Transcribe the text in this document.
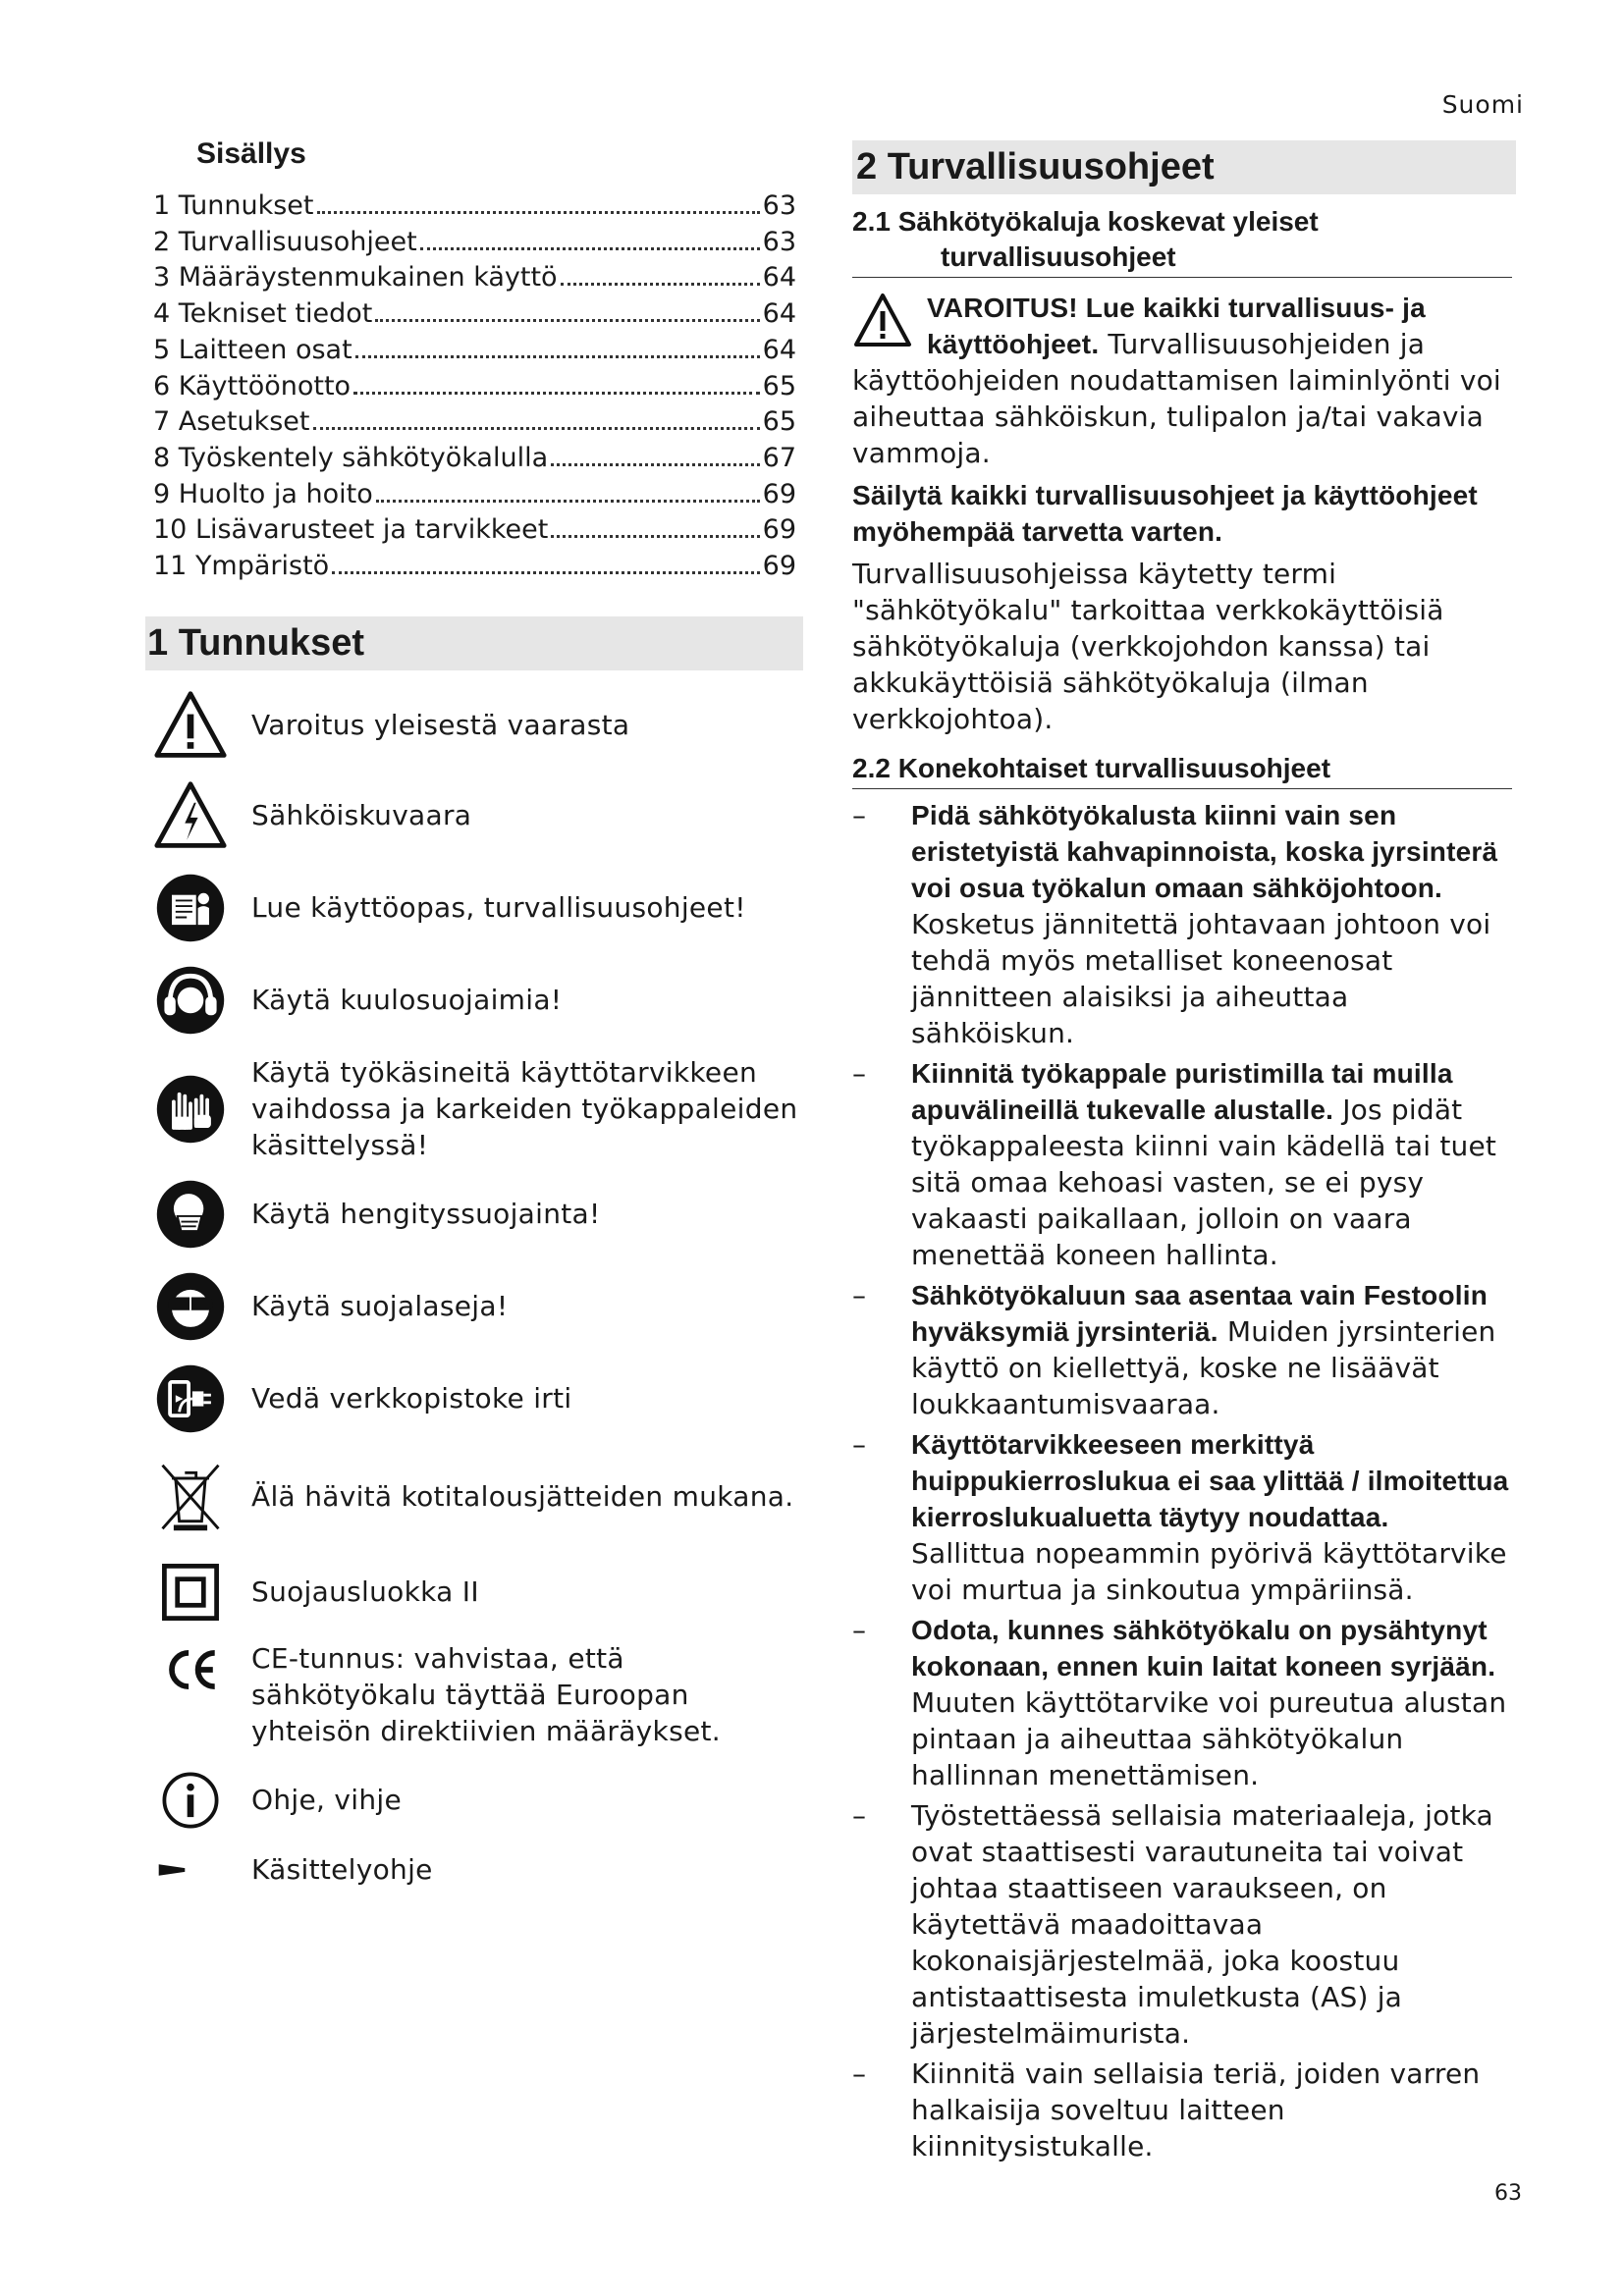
Suomi
Sisällys
1 Tunnukset	63
2 Turvallisuusohjeet	63
3 Määräystenmukainen käyttö	64
4 Tekniset tiedot	64
5 Laitteen osat	64
6 Käyttöönotto	65
7 Asetukset	65
8 Työskentely sähkötyökalulla	67
9 Huolto ja hoito	69
10 Lisävarusteet ja tarvikkeet	69
11 Ympäristö	69
1 Tunnukset
Varoitus yleisestä vaarasta
Sähköiskuvaara
Lue käyttöopas, turvallisuusohjeet!
Käytä kuulosuojaimia!
Käytä työkäsineitä käyttötarvikkeen vaihdossa ja karkeiden työkappaleiden käsittelyssä!
Käytä hengityssuojainta!
Käytä suojalaseja!
Vedä verkkopistoke irti
Älä hävitä kotitalousjätteiden mukana.
Suojausluokka II
CE-tunnus: vahvistaa, että sähkötyökalu täyttää Euroopan yhteisön direktiivien määräykset.
Ohje, vihje
Käsittelyohje
2 Turvallisuusohjeet
2.1 Sähkötyökaluja koskevat yleiset
turvallisuusohjeet
VAROITUS! Lue kaikki turvallisuus- ja käyttöohjeet. Turvallisuusohjeiden ja käyttöohjeiden noudattamisen laiminlyönti voi aiheuttaa sähköiskun, tulipalon ja/tai vakavia vammoja.
Säilytä kaikki turvallisuusohjeet ja käyttöohjeet myöhempää tarvetta varten.
Turvallisuusohjeissa käytetty termi "sähkötyökalu" tarkoittaa verkkokäyttöisiä sähkötyökaluja (verkkojohdon kanssa) tai akkukäyttöisiä sähkötyökaluja (ilman verkkojohtoa).
2.2 Konekohtaiset turvallisuusohjeet
– Pidä sähkötyökalusta kiinni vain sen eristetyistä kahvapinnoista, koska jyrsinterä voi osua työkalun omaan sähköjohtoon. Kosketus jännitettä johtavaan johtoon voi tehdä myös metalliset koneenosat jännitteen alaisiksi ja aiheuttaa sähköiskun.
– Kiinnitä työkappale puristimilla tai muilla apuvälineillä tukevalle alustalle. Jos pidät työkappaleesta kiinni vain kädellä tai tuet sitä omaa kehoasi vasten, se ei pysy vakaasti paikallaan, jolloin on vaara menettää koneen hallinta.
– Sähkötyökaluun saa asentaa vain Festoolin hyväksymiä jyrsinteriä. Muiden jyrsinterien käyttö on kiellettyä, koske ne lisäävät loukkaantumisvaaraa.
– Käyttötarvikkeeseen merkittyä huippukierroslukua ei saa ylittää / ilmoitettua kierroslukualuetta täytyy noudattaa. Sallittua nopeammin pyörivä käyttötarvike voi murtua ja sinkoutua ympäriinsä.
– Odota, kunnes sähkötyökalu on pysähtynyt kokonaan, ennen kuin laitat koneen syrjään. Muuten käyttötarvike voi pureutua alustan pintaan ja aiheuttaa sähkötyökalun hallinnan menettämisen.
– Työstettäessä sellaisia materiaaleja, jotka ovat staattisesti varautuneita tai voivat johtaa staattiseen varaukseen, on käytettävä maadoittavaa kokonaisjärjestelmää, joka koostuu antistaattisesta imuletkusta (AS) ja järjestelmäimurista.
– Kiinnitä vain sellaisia teriä, joiden varren halkaisija soveltuu laitteen kiinnitysistukalle.
63
